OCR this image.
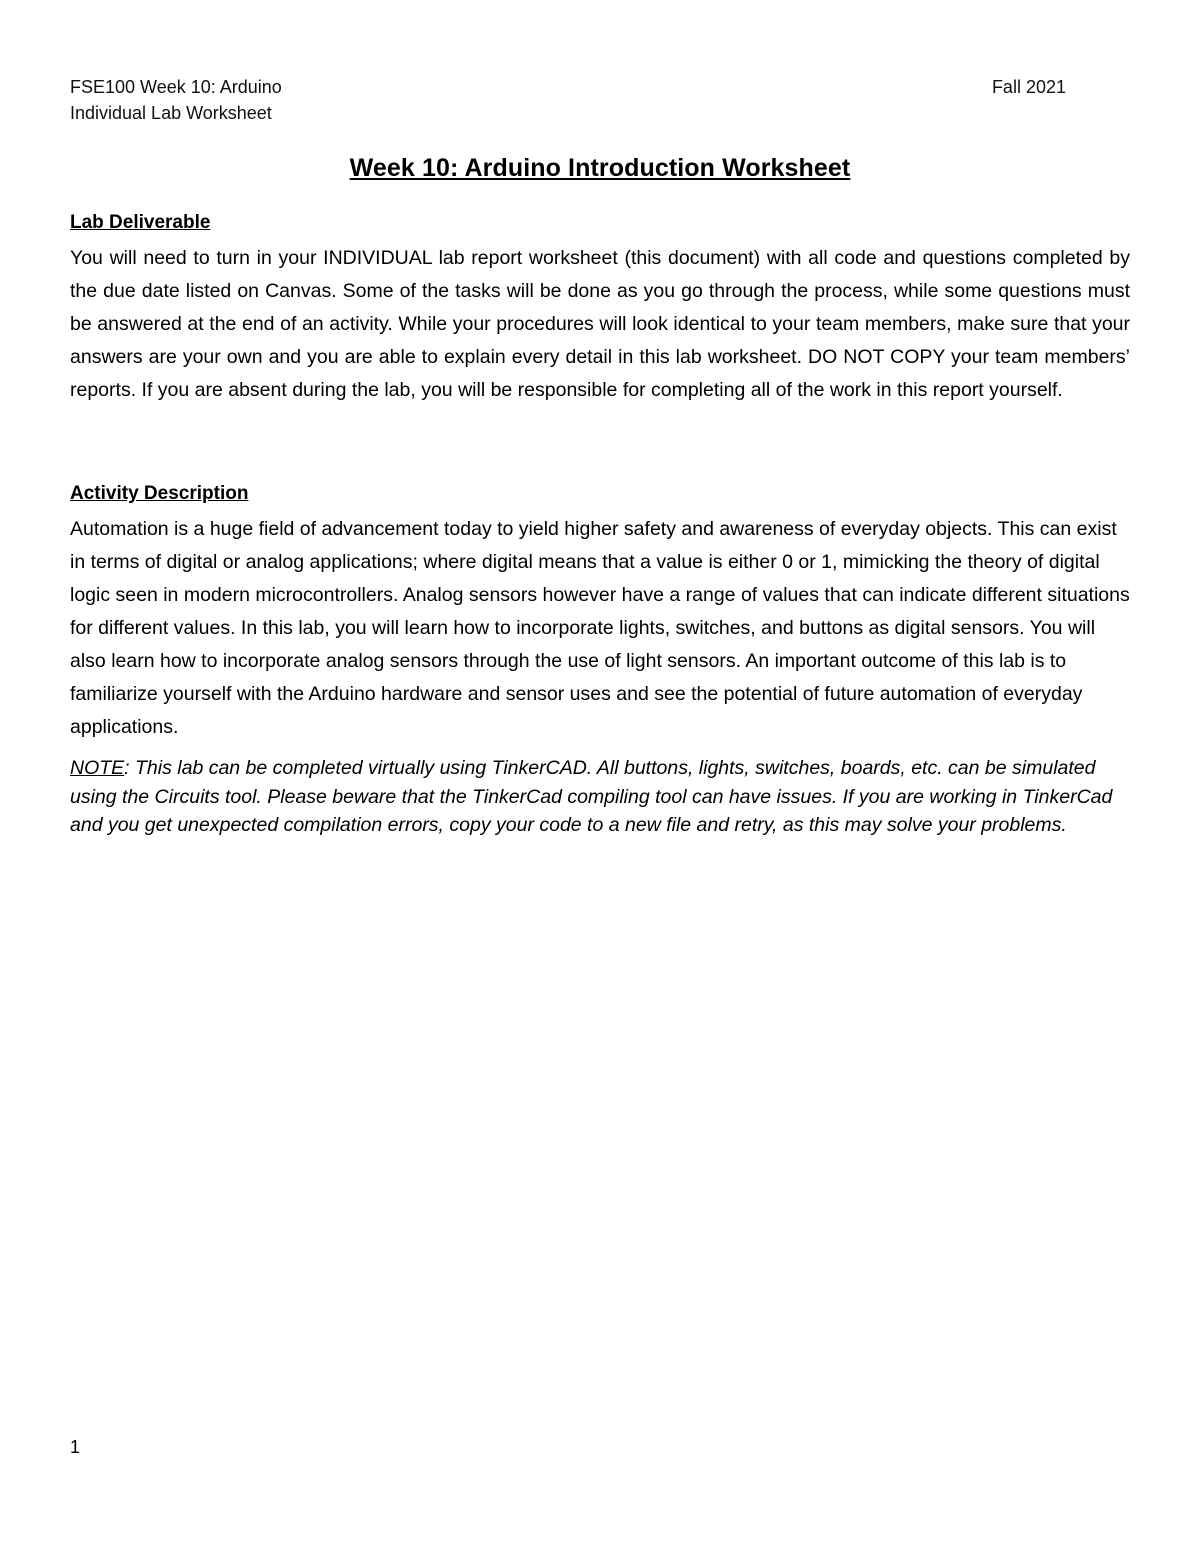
FSE100 Week 10: Arduino
Individual Lab Worksheet
Fall 2021
Week 10: Arduino Introduction Worksheet
Lab Deliverable

You will need to turn in your INDIVIDUAL lab report worksheet (this document) with all code and questions completed by the due date listed on Canvas. Some of the tasks will be done as you go through the process, while some questions must be answered at the end of an activity. While your procedures will look identical to your team members, make sure that your answers are your own and you are able to explain every detail in this lab worksheet. DO NOT COPY your team members’ reports. If you are absent during the lab, you will be responsible for completing all of the work in this report yourself.

Activity Description

Automation is a huge field of advancement today to yield higher safety and awareness of everyday objects. This can exist in terms of digital or analog applications; where digital means that a value is either 0 or 1, mimicking the theory of digital logic seen in modern microcontrollers. Analog sensors however have a range of values that can indicate different situations for different values. In this lab, you will learn how to incorporate lights, switches, and buttons as digital sensors. You will also learn how to incorporate analog sensors through the use of light sensors. An important outcome of this lab is to familiarize yourself with the Arduino hardware and sensor uses and see the potential of future automation of everyday applications.

NOTE: This lab can be completed virtually using TinkerCAD. All buttons, lights, switches, boards, etc. can be simulated using the Circuits tool. Please beware that the TinkerCad compiling tool can have issues. If you are working in TinkerCad and you get unexpected compilation errors, copy your code to a new file and retry, as this may solve your problems.

1
